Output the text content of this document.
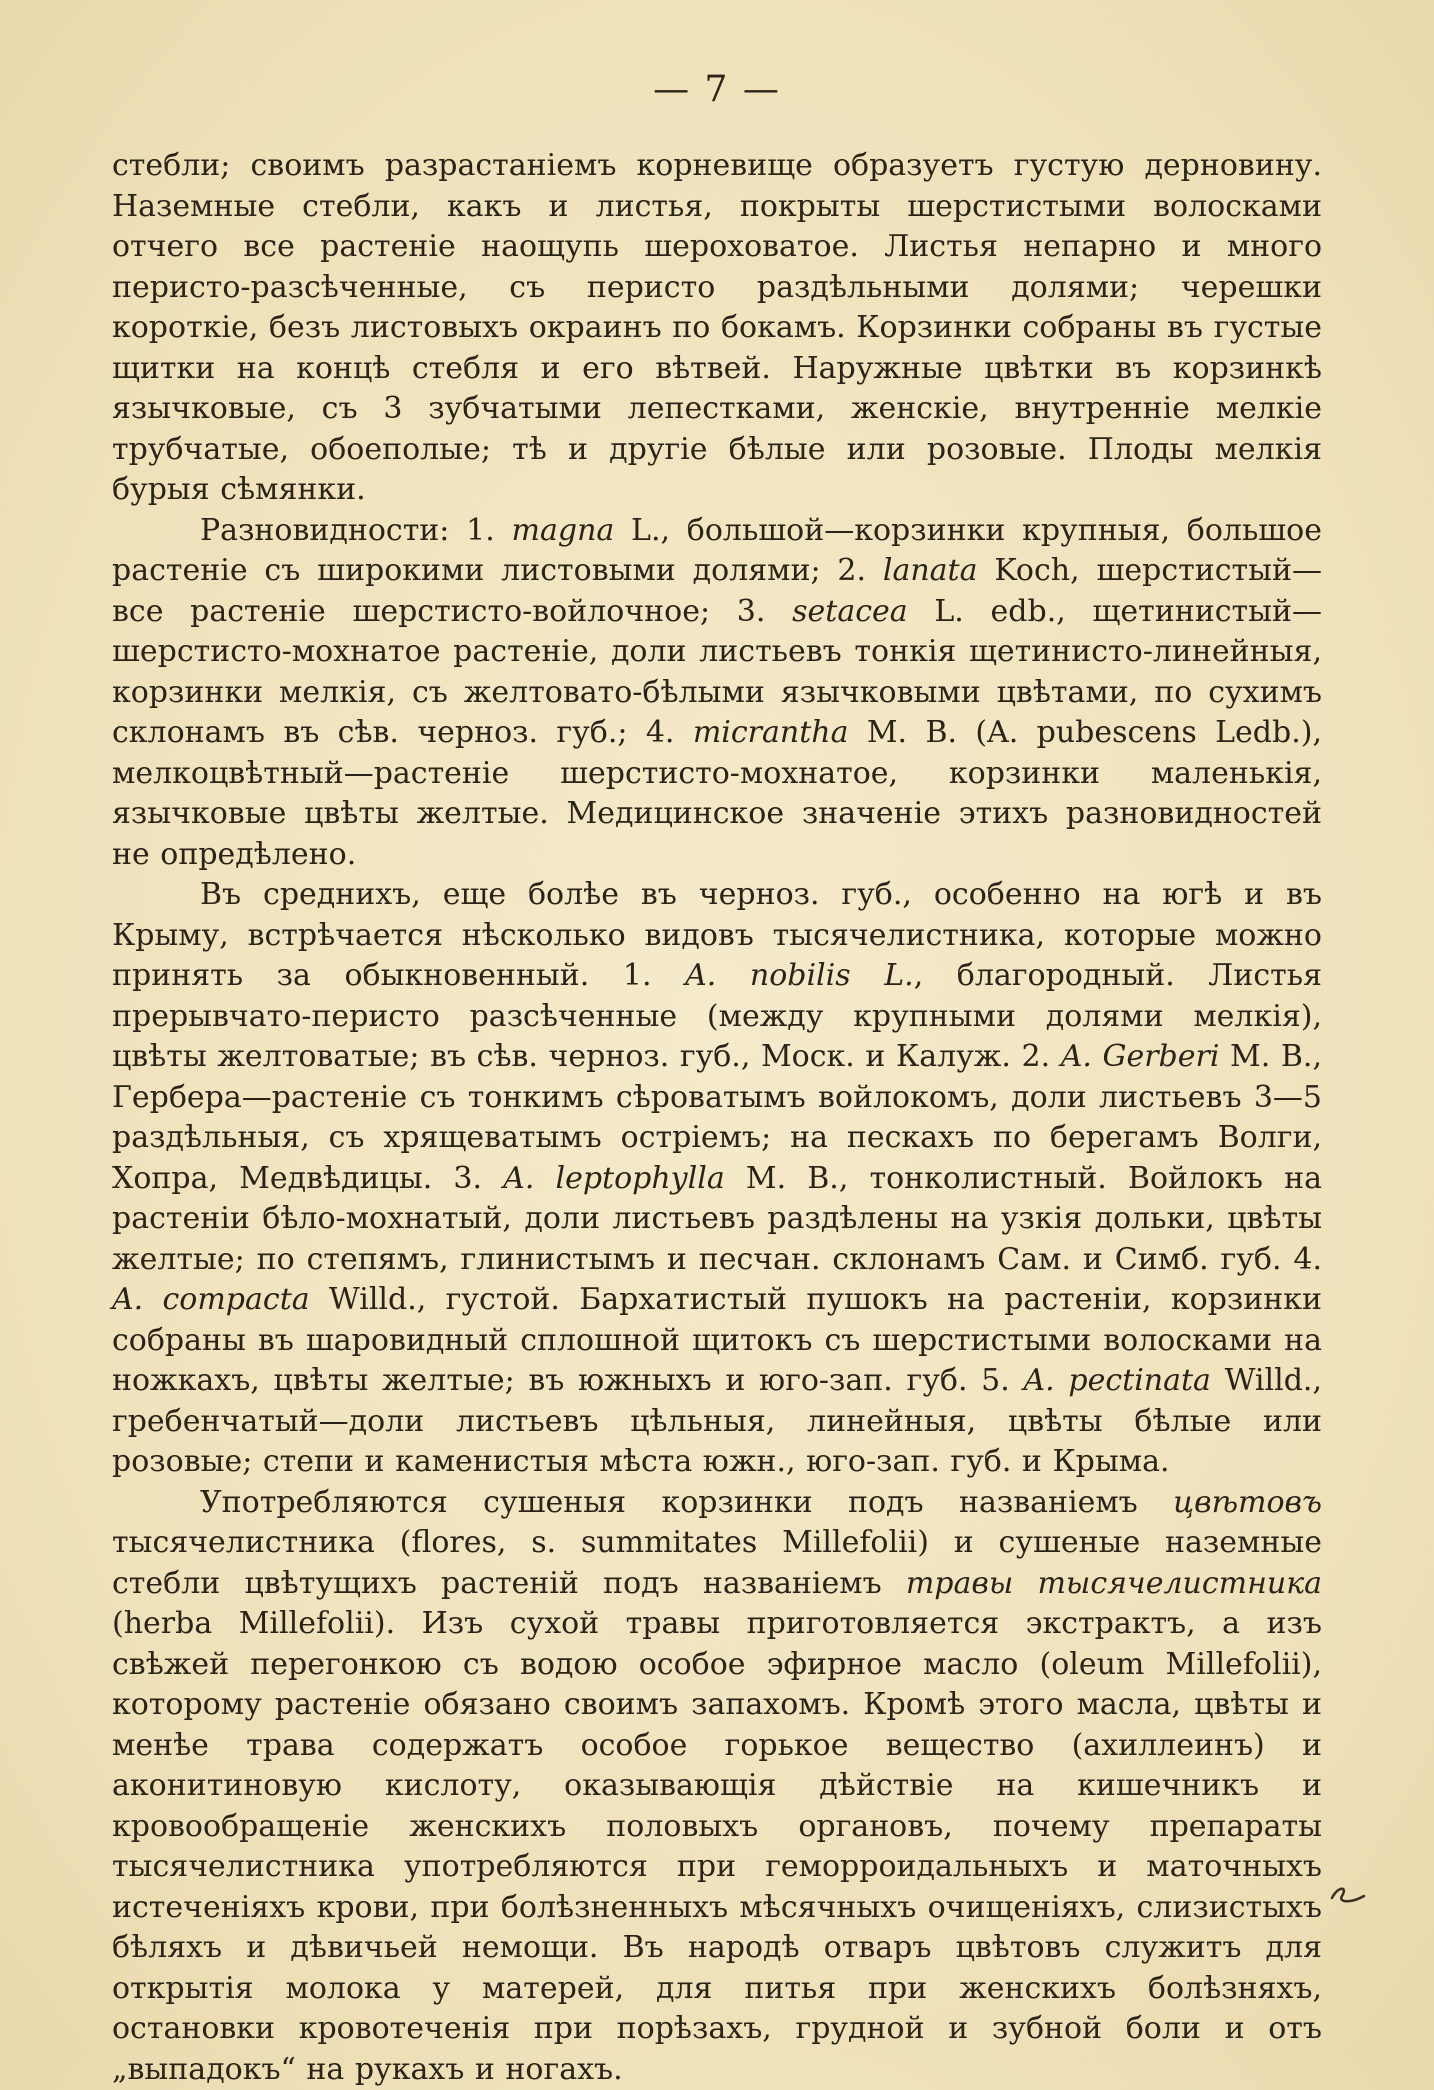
— 7 —

стебли; своимъ разрастаніемъ корневище образуетъ густую дерновину. Наземные стебли, какъ и листья, покрыты шерстистыми волосками отчего все растеніе наощупь шероховатое. Листья непарно и много перисто-разсѣченные, съ перисто раздѣльными долями; черешки короткіе, безъ листовыхъ окраинъ по бокамъ. Корзинки собраны въ густые щитки на концѣ стебля и его вѣтвей. Наружные цвѣтки въ корзинкѣ язычковые, съ 3 зубчатыми лепестками, женскіе, внутренніе мелкіе трубчатые, обоеполые; тѣ и другіе бѣлые или розовые. Плоды мелкія бурыя сѣмянки.

Разновидности: 1. magna L., большой—корзинки крупныя, большое растеніе съ широкими листовыми долями; 2. lanata Koch, шерстистый—все растеніе шерстисто-войлочное; 3. setacea L. edb., щетинистый—шерстисто-мохнатое растеніе, доли листьевъ тонкія щетинисто-линейныя, корзинки мелкія, съ желтовато-бѣлыми язычковыми цвѣтами, по сухимъ склонамъ въ сѣв. черноз. губ.; 4. micrantha M. B. (A. pubescens Ledb.), мелкоцвѣтный—растеніе шерстисто-мохнатое, корзинки маленькія, язычковые цвѣты желтые. Медицинское значеніе этихъ разновидностей не опредѣлено.

Въ среднихъ, еще болѣе въ черноз. губ., особенно на югѣ и въ Крыму, встрѣчается нѣсколько видовъ тысячелистника, которые можно принять за обыкновенный. 1. A. nobilis L., благородный. Листья прерывчато-перисто разсѣченные (между крупными долями мелкія), цвѣты желтоватые; въ сѣв. черноз. губ., Моск. и Калуж. 2. A. Gerberi M. B., Гербера—растеніе съ тонкимъ сѣроватымъ войлокомъ, доли листьевъ 3—5 раздѣльныя, съ хрящеватымъ остріемъ; на пескахъ по берегамъ Волги, Хопра, Медвѣдицы. 3. A. leptophylla M. B., тонколистный. Войлокъ на растеніи бѣло-мохнатый, доли листьевъ раздѣлены на узкія дольки, цвѣты желтые; по степямъ, глинистымъ и песчан. склонамъ Сам. и Симб. губ. 4. A. compacta Willd., густой. Бархатистый пушокъ на растеніи, корзинки собраны въ шаровидный сплошной щитокъ съ шерстистыми волосками на ножкахъ, цвѣты желтые; въ южныхъ и юго-зап. губ. 5. A. pectinata Willd., гребенчатый—доли листьевъ цѣльныя, линейныя, цвѣты бѣлые или розовые; степи и каменистыя мѣста южн., юго-зап. губ. и Крыма.

Употребляются сушеныя корзинки подъ названіемъ цвѣтовъ тысячелистника (flores, s. summitates Millefolii) и сушеные наземные стебли цвѣтущихъ растеній подъ названіемъ травы тысячелистника (herba Millefolii). Изъ сухой травы приготовляется экстрактъ, а изъ свѣжей перегонкою съ водою особое эфирное масло (oleum Millefolii), которому растеніе обязано своимъ запахомъ. Кромѣ этого масла, цвѣты и менѣе трава содержатъ особое горькое вещество (ахиллеинъ) и аконитиновую кислоту, оказывающія дѣйствіе на кишечникъ и кровообращеніе женскихъ половыхъ органовъ, почему препараты тысячелистника употребляются при геморроидальныхъ и маточныхъ истеченіяхъ крови, при болѣзненныхъ мѣсячныхъ очищеніяхъ, слизистыхъ бѣляхъ и дѣвичьей немощи. Въ народѣ отваръ цвѣтовъ служитъ для открытія молока у матерей, для питья при женскихъ болѣзняхъ, остановки кровотеченія при порѣзахъ, грудной и зубной боли и отъ „выпадокъ“ на рукахъ и ногахъ.
